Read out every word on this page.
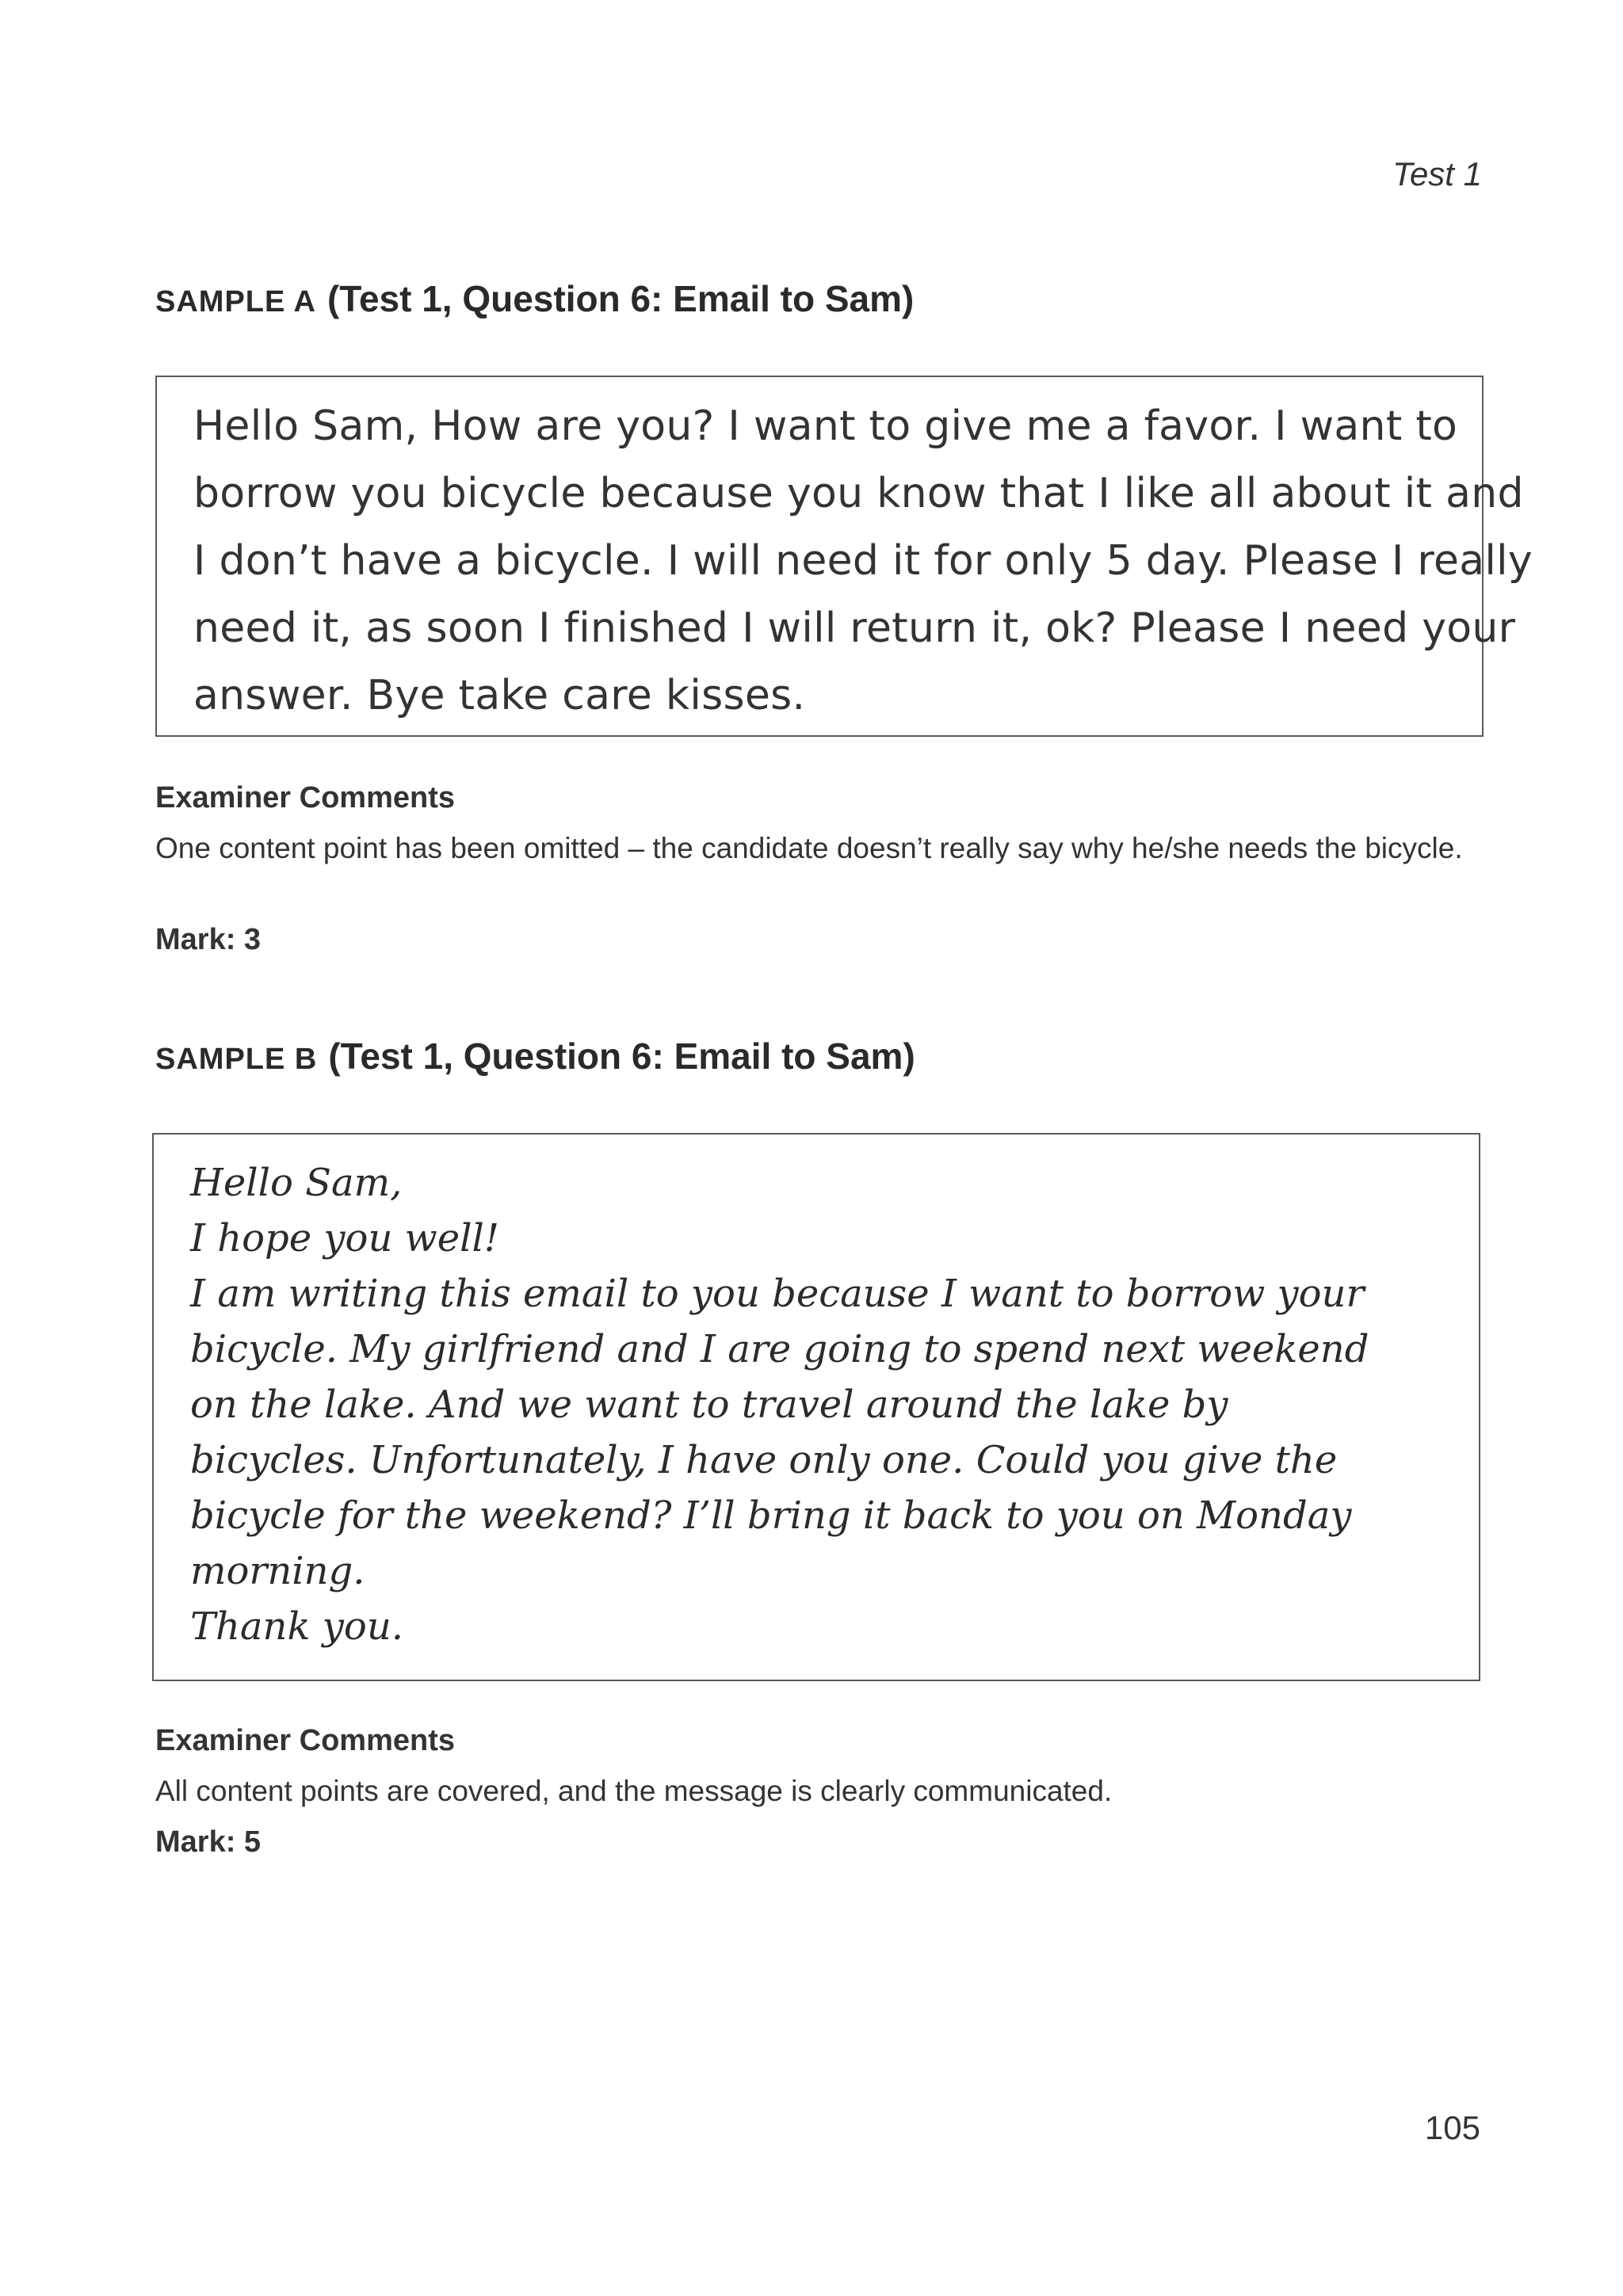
Test 1
SAMPLE A (Test 1, Question 6: Email to Sam)
Hello Sam, How are you? I want to give me a favor. I want to
borrow you bicycle because you know that I like all about it and
I don’t have a bicycle. I will need it for only 5 day. Please I really
need it, as soon I finished I will return it, ok? Please I need your
answer. Bye take care kisses.
Examiner Comments
One content point has been omitted – the candidate doesn’t really say why he/she needs the bicycle.
Mark: 3
SAMPLE B (Test 1, Question 6: Email to Sam)
Hello Sam,
I hope you well!
I am writing this email to you because I want to borrow your
bicycle. My girlfriend and I are going to spend next weekend
on the lake. And we want to travel around the lake by
bicycles. Unfortunately, I have only one. Could you give the
bicycle for the weekend? I’ll bring it back to you on Monday
morning.
Thank you.
Examiner Comments
All content points are covered, and the message is clearly communicated.
Mark: 5
105
